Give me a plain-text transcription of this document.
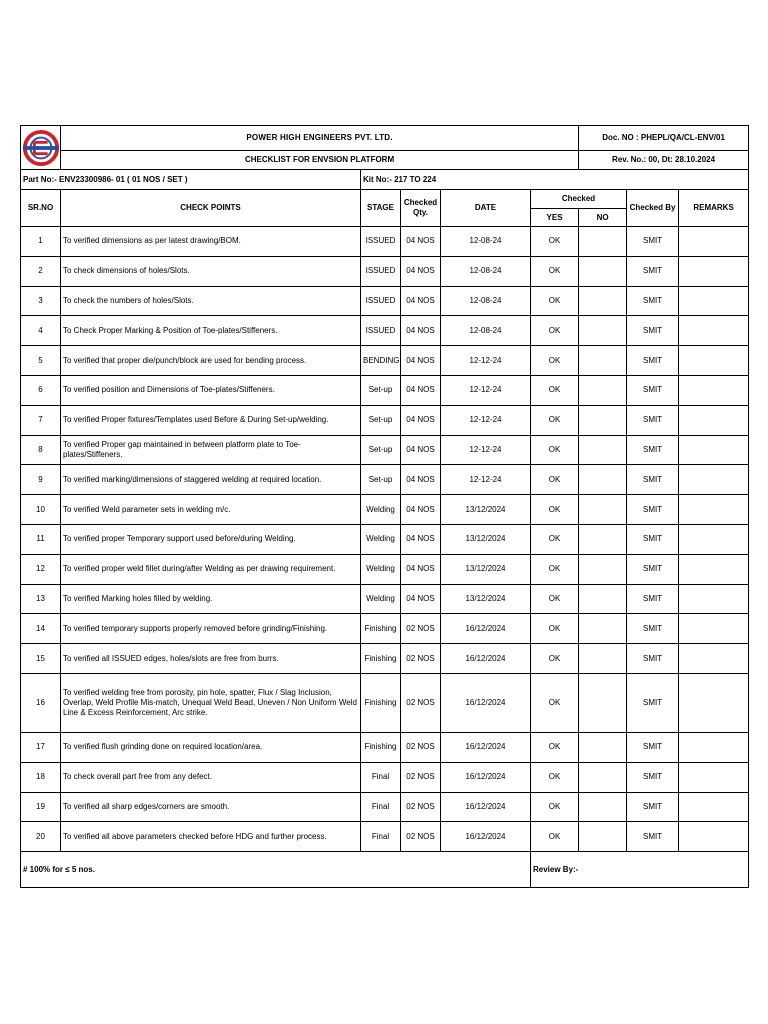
	POWER HIGH ENGINEERS PVT. LTD.					Doc. NO : PHEPL/QA/CL-ENV/01		
	CHECKLIST FOR ENVSION PLATFORM					Rev. No.: 00, Dt: 28.10.2024		
Part No:- ENV23300986- 01 ( 01 NOS / SET )		Kit No:- 217 TO 224						
SR.NO	CHECK POINTS	STAGE	Checked Qty.	DATE	Checked		Checked By	REMARKS
					YES	NO		
1	To verified dimensions as per latest drawing/BOM.	ISSUED	04 NOS	12-08-24	OK		SMIT	
2	To check dimensions of holes/Slots.	ISSUED	04 NOS	12-08-24	OK		SMIT	
3	To check the numbers of holes/Slots.	ISSUED	04 NOS	12-08-24	OK		SMIT	
4	To Check Proper Marking & Position of Toe-plates/Stiffeners.	ISSUED	04 NOS	12-08-24	OK		SMIT	
5	To verified that proper die/punch/block are used for bending process.	BENDING	04 NOS	12-12-24	OK		SMIT	
6	To verified position and Dimensions of Toe-plates/Stiffeners.	Set-up	04 NOS	12-12-24	OK		SMIT	
7	To verified Proper fixtures/Templates used Before & During Set-up/welding.	Set-up	04 NOS	12-12-24	OK		SMIT	
8	To verified Proper gap maintained in between platform plate to Toe-plates/Stiffeners.	Set-up	04 NOS	12-12-24	OK		SMIT	
9	To verified marking/dimensions of staggered welding at required location.	Set-up	04 NOS	12-12-24	OK		SMIT	
10	To verified Weld parameter sets in welding m/c.	Welding	04 NOS	13/12/2024	OK		SMIT	
11	To verified proper Temporary support used before/during Welding.	Welding	04 NOS	13/12/2024	OK		SMIT	
12	To verified proper weld fillet during/after Welding as per drawing requirement.	Welding	04 NOS	13/12/2024	OK		SMIT	
13	To verified Marking holes filled by welding.	Welding	04 NOS	13/12/2024	OK		SMIT	
14	To verified temporary supports properly removed before grinding/Finishing.	Finishing	02 NOS	16/12/2024	OK		SMIT	
15	To verified all ISSUED edges, holes/slots are free from burrs.	Finishing	02 NOS	16/12/2024	OK		SMIT	
16	To verified welding free from porosity, pin hole, spatter, Flux / Slag Inclusion, Overlap, Weld Profile Mis-match, Unequal Weld Bead, Uneven / Non Uniform Weld Line & Excess Reinforcement, Arc strike.	Finishing	02 NOS	16/12/2024	OK		SMIT	
17	To verified flush grinding done on required location/area.	Finishing	02 NOS	16/12/2024	OK		SMIT	
18	To check overall part free from any defect.	Final	02 NOS	16/12/2024	OK		SMIT	
19	To verified all sharp edges/corners are smooth.	Final	02 NOS	16/12/2024	OK		SMIT	
20	To verified all above parameters checked before HDG and further process.	Final	02 NOS	16/12/2024	OK		SMIT	
# 100% for ≤ 5 nos.					Review By:-			
